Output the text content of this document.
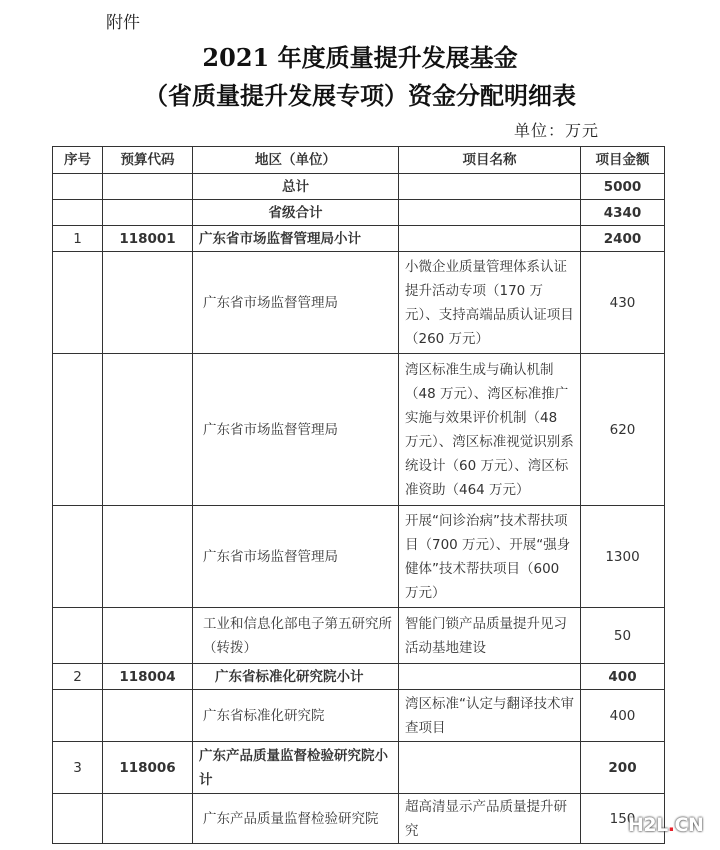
附件
2021 年度质量提升发展基金
（省质量提升发展专项）资金分配明细表
单位：万元
序号	预算代码	地区（单位）	项目名称	项目金额
		总计		5000
		省级合计		4340
1	118001	广东省市场监督管理局小计		2400
		广东省市场监督管理局	小微企业质量管理体系认证提升活动专项（170 万元）、支持高端品质认证项目（260 万元）	430
		广东省市场监督管理局	湾区标准生成与确认机制（48 万元）、湾区标准推广实施与效果评价机制（48 万元）、湾区标准视觉识别系统设计（60 万元）、湾区标准资助（464 万元）	620
		广东省市场监督管理局	开展“问诊治病”技术帮扶项目（700 万元）、开展“强身健体”技术帮扶项目（600 万元）	1300
		工业和信息化部电子第五研究所（转拨）	智能门锁产品质量提升见习活动基地建设	50
2	118004	广东省标准化研究院小计		400
		广东省标准化研究院	湾区标准“认定与翻译技术审查项目	400
3	118006	广东产品质量监督检验研究院小计		200
		广东产品质量监督检验研究院	超高清显示产品质量提升研究	150
H2L.CN
